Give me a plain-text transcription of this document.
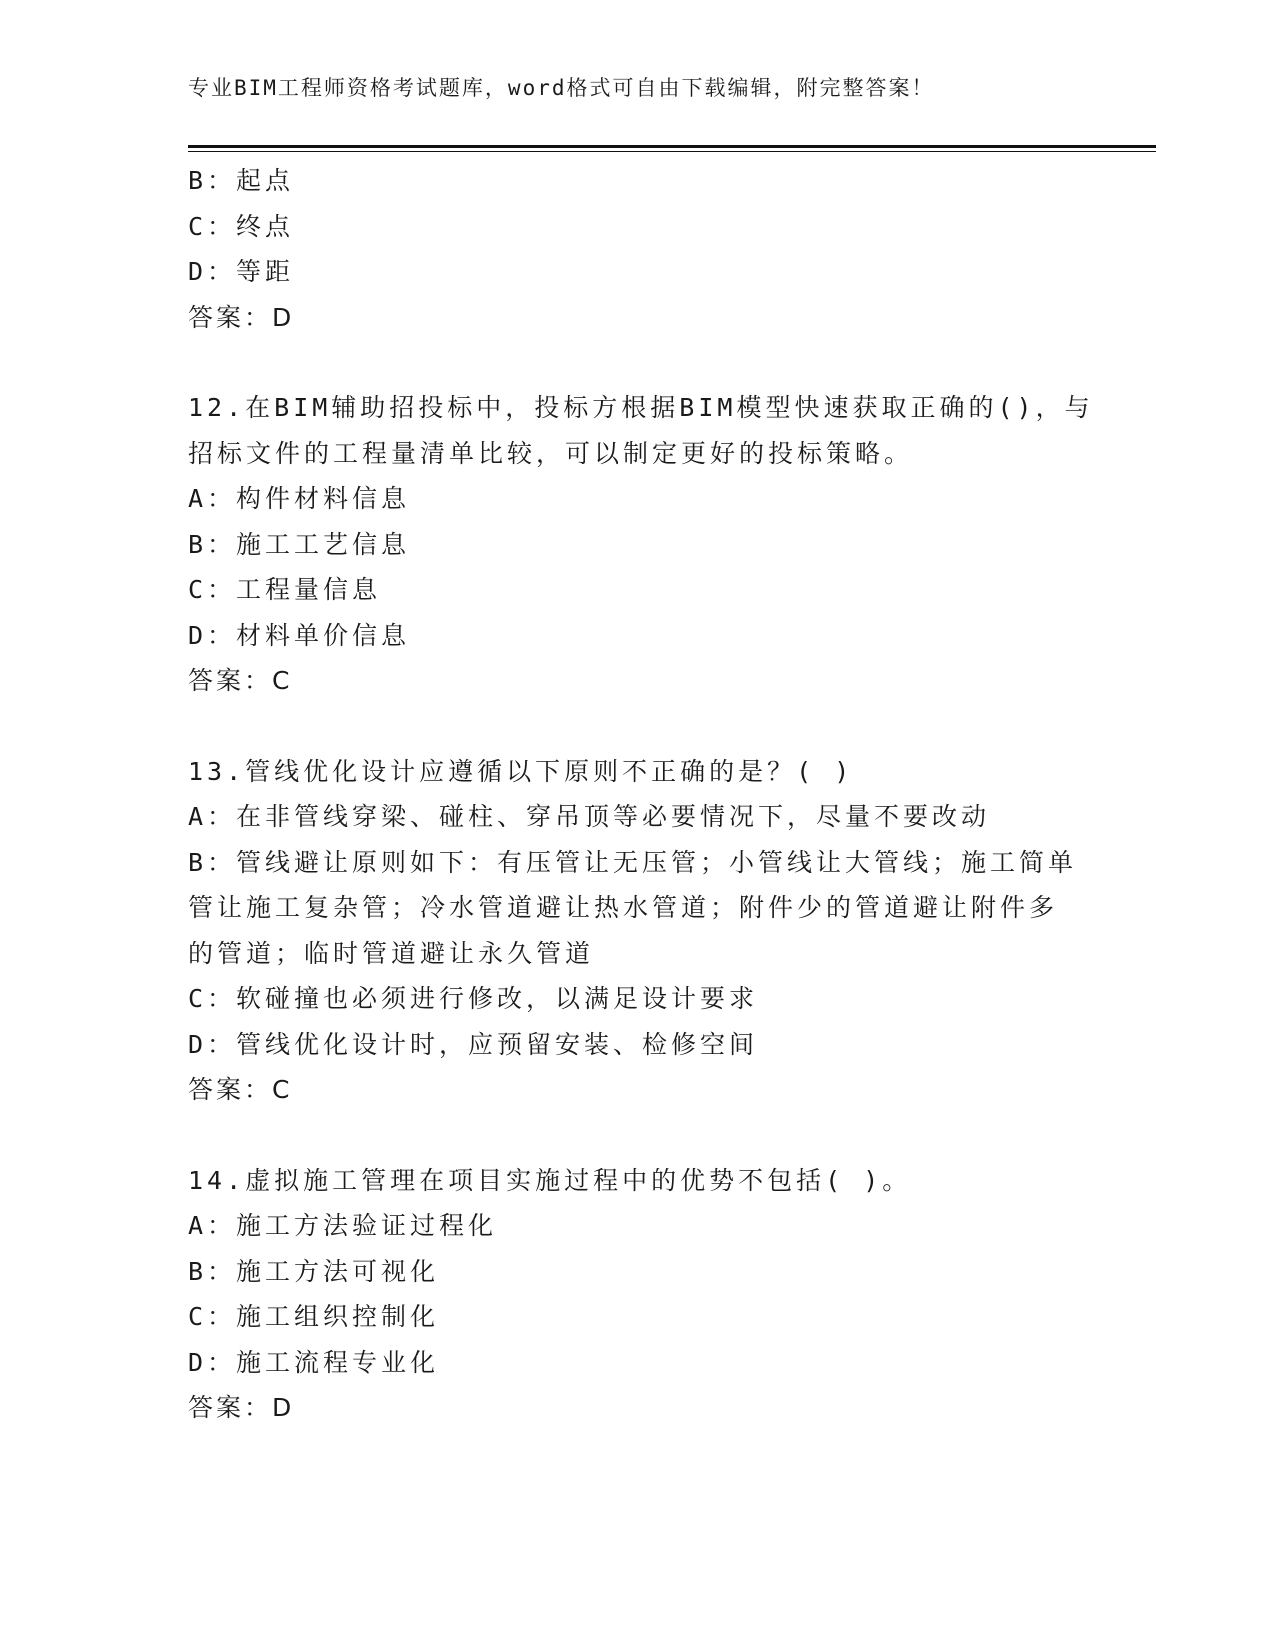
专业BIM工程师资格考试题库，word格式可自由下载编辑，附完整答案！
B：起点
C：终点
D：等距
答案：D
12.在BIM辅助招投标中，投标方根据BIM模型快速获取正确的()，与
招标文件的工程量清单比较，可以制定更好的投标策略。
A：构件材料信息
B：施工工艺信息
C：工程量信息
D：材料单价信息
答案：C
13.管线优化设计应遵循以下原则不正确的是？( )
A：在非管线穿梁、碰柱、穿吊顶等必要情况下，尽量不要改动
B：管线避让原则如下：有压管让无压管；小管线让大管线；施工简单
管让施工复杂管；冷水管道避让热水管道；附件少的管道避让附件多
的管道；临时管道避让永久管道
C：软碰撞也必须进行修改，以满足设计要求
D：管线优化设计时，应预留安装、检修空间
答案：C
14.虚拟施工管理在项目实施过程中的优势不包括( )。
A：施工方法验证过程化
B：施工方法可视化
C：施工组织控制化
D：施工流程专业化
答案：D
